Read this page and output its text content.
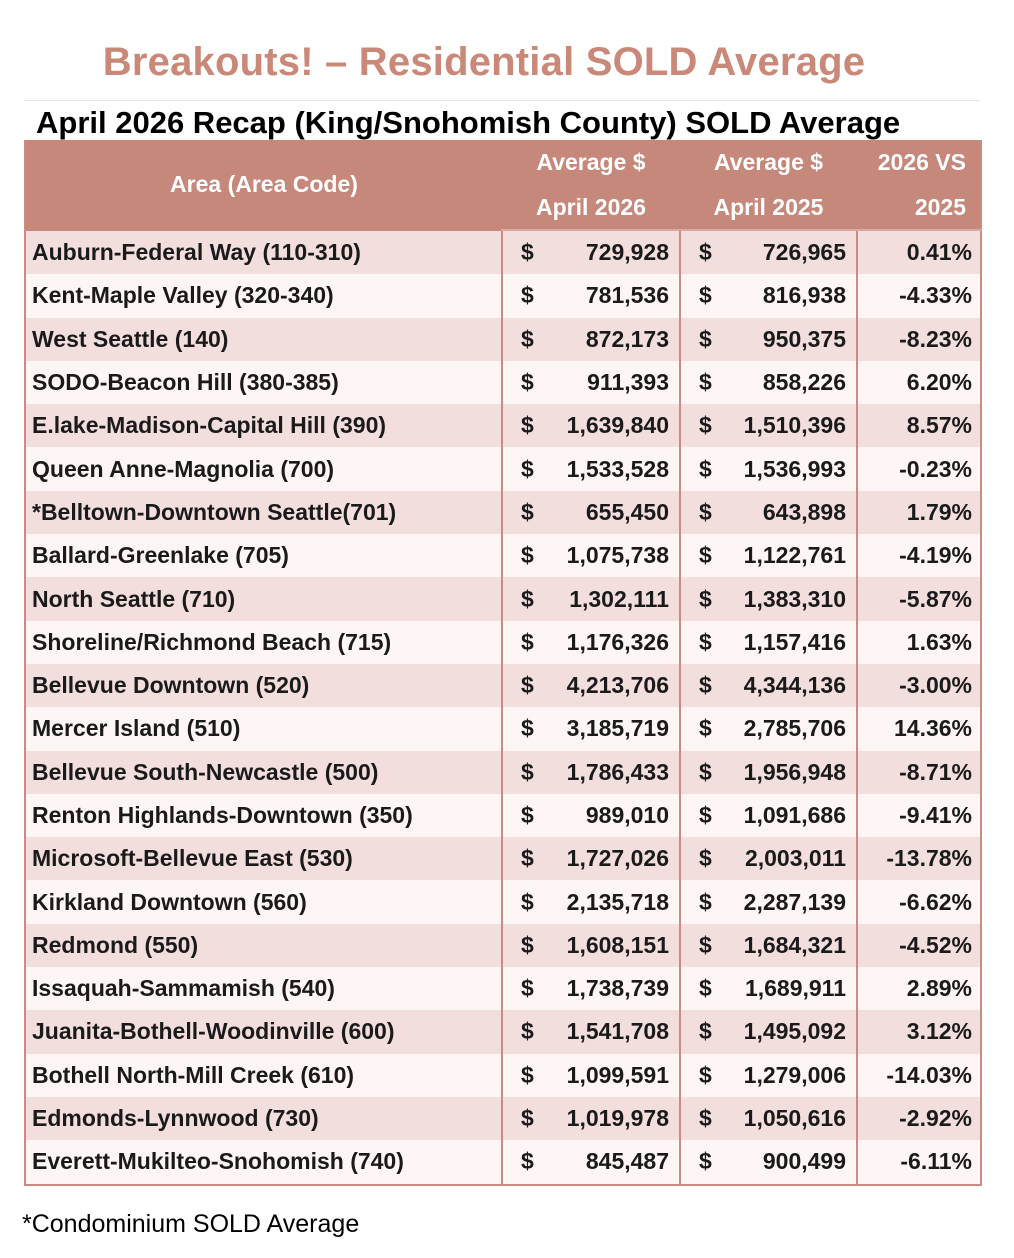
Breakouts! – Residential SOLD Average
April 2026 Recap (King/Snohomish County) SOLD Average
Area (Area Code)	Average $	Average $	2026 VS
	April 2026	April 2025	2025
Auburn-Federal Way (110-310)	$ 729,928	$ 726,965	0.41%
Kent-Maple Valley (320-340)	$ 781,536	$ 816,938	-4.33%
West Seattle (140)	$ 872,173	$ 950,375	-8.23%
SODO-Beacon Hill (380-385)	$ 911,393	$ 858,226	6.20%
E.lake-Madison-Capital Hill (390)	$ 1,639,840	$ 1,510,396	8.57%
Queen Anne-Magnolia (700)	$ 1,533,528	$ 1,536,993	-0.23%
*Belltown-Downtown Seattle(701)	$ 655,450	$ 643,898	1.79%
Ballard-Greenlake (705)	$ 1,075,738	$ 1,122,761	-4.19%
North Seattle (710)	$ 1,302,111	$ 1,383,310	-5.87%
Shoreline/Richmond Beach (715)	$ 1,176,326	$ 1,157,416	1.63%
Bellevue Downtown (520)	$ 4,213,706	$ 4,344,136	-3.00%
Mercer Island (510)	$ 3,185,719	$ 2,785,706	14.36%
Bellevue South-Newcastle (500)	$ 1,786,433	$ 1,956,948	-8.71%
Renton Highlands-Downtown (350)	$ 989,010	$ 1,091,686	-9.41%
Microsoft-Bellevue East (530)	$ 1,727,026	$ 2,003,011	-13.78%
Kirkland Downtown (560)	$ 2,135,718	$ 2,287,139	-6.62%
Redmond (550)	$ 1,608,151	$ 1,684,321	-4.52%
Issaquah-Sammamish (540)	$ 1,738,739	$ 1,689,911	2.89%
Juanita-Bothell-Woodinville (600)	$ 1,541,708	$ 1,495,092	3.12%
Bothell North-Mill Creek (610)	$ 1,099,591	$ 1,279,006	-14.03%
Edmonds-Lynnwood (730)	$ 1,019,978	$ 1,050,616	-2.92%
Everett-Mukilteo-Snohomish (740)	$ 845,487	$ 900,499	-6.11%
*Condominium SOLD Average
